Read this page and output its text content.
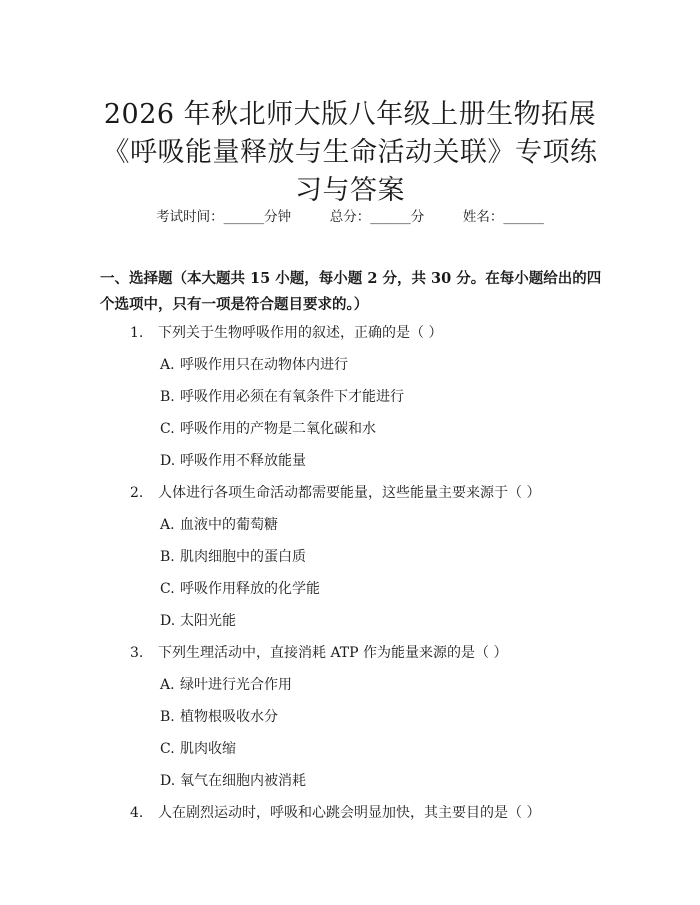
2026 年秋北师大版八年级上册生物拓展《呼吸能量释放与生命活动关联》专项练习与答案
考试时间：______分钟	总分：______分	姓名：______
一、选择题（本大题共 15 小题，每小题 2 分，共 30 分。在每小题给出的四个选项中，只有一项是符合题目要求的。）
1. 下列关于生物呼吸作用的叙述，正确的是（ ）
A. 呼吸作用只在动物体内进行
B. 呼吸作用必须在有氧条件下才能进行
C. 呼吸作用的产物是二氧化碳和水
D. 呼吸作用不释放能量
2. 人体进行各项生命活动都需要能量，这些能量主要来源于（ ）
A. 血液中的葡萄糖
B. 肌肉细胞中的蛋白质
C. 呼吸作用释放的化学能
D. 太阳光能
3. 下列生理活动中，直接消耗 ATP 作为能量来源的是（ ）
A. 绿叶进行光合作用
B. 植物根吸收水分
C. 肌肉收缩
D. 氧气在细胞内被消耗
4. 人在剧烈运动时，呼吸和心跳会明显加快，其主要目的是（ ）
